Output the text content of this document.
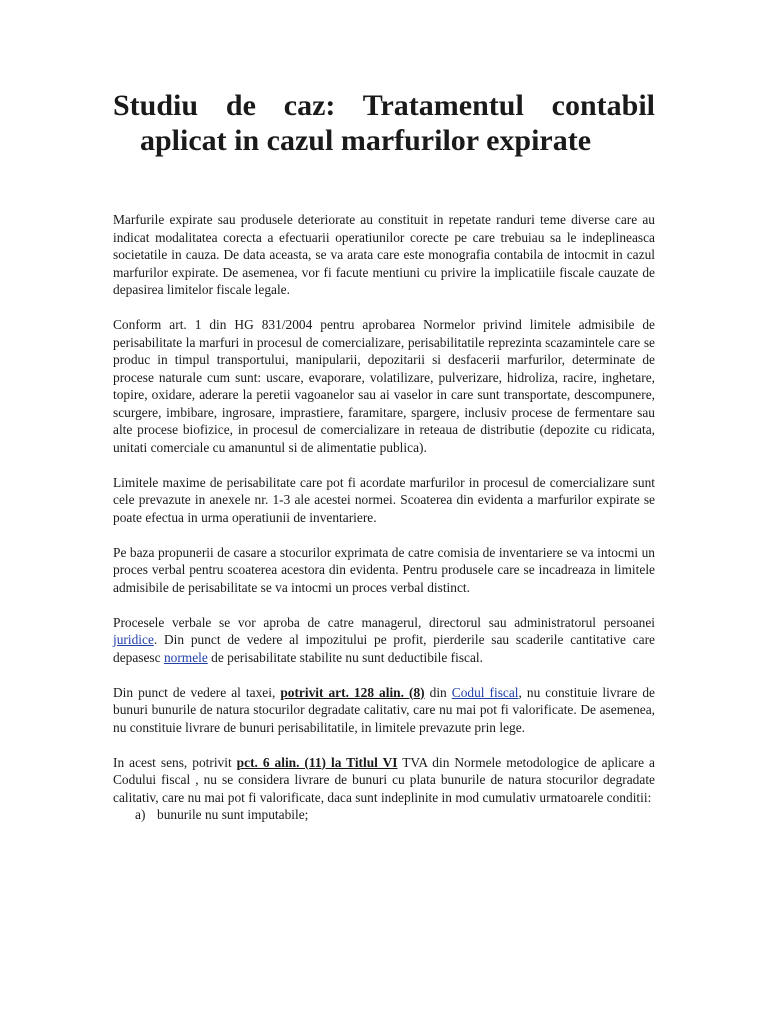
Studiu de caz: Tratamentul contabil
aplicat in cazul marfurilor expirate

Marfurile expirate sau produsele deteriorate au constituit in repetate randuri teme diverse care au indicat modalitatea corecta a efectuarii operatiunilor corecte pe care trebuiau sa le indeplineasca societatile in cauza. De data aceasta, se va arata care este monografia contabila de intocmit in cazul marfurilor expirate. De asemenea, vor fi facute mentiuni cu privire la implicatiile fiscale cauzate de depasirea limitelor fiscale legale.

Conform art. 1 din HG 831/2004 pentru aprobarea Normelor privind limitele admisibile de perisabilitate la marfuri in procesul de comercializare, perisabilitatile reprezinta scazamintele care se produc in timpul transportului, manipularii, depozitarii si desfacerii marfurilor, determinate de procese naturale cum sunt: uscare, evaporare, volatilizare, pulverizare, hidroliza, racire, inghetare, topire, oxidare, aderare la peretii vagoanelor sau ai vaselor in care sunt transportate, descompunere, scurgere, imbibare, ingrosare, imprastiere, faramitare, spargere, inclusiv procese de fermentare sau alte procese biofizice, in procesul de comercializare in reteaua de distributie (depozite cu ridicata, unitati comerciale cu amanuntul si de alimentatie publica).

Limitele maxime de perisabilitate care pot fi acordate marfurilor in procesul de comercializare sunt cele prevazute in anexele nr. 1-3 ale acestei normei. Scoaterea din evidenta a marfurilor expirate se poate efectua in urma operatiunii de inventariere.

Pe baza propunerii de casare a stocurilor exprimata de catre comisia de inventariere se va intocmi un proces verbal pentru scoaterea acestora din evidenta. Pentru produsele care se incadreaza in limitele admisibile de perisabilitate se va intocmi un proces verbal distinct.

Procesele verbale se vor aproba de catre managerul, directorul sau administratorul persoanei juridice. Din punct de vedere al impozitului pe profit, pierderile sau scaderile cantitative care depasesc normele de perisabilitate stabilite nu sunt deductibile fiscal.

Din punct de vedere al taxei, potrivit art. 128 alin. (8) din Codul fiscal, nu constituie livrare de bunuri bunurile de natura stocurilor degradate calitativ, care nu mai pot fi valorificate. De asemenea, nu constituie livrare de bunuri perisabilitatile, in limitele prevazute prin lege.

In acest sens, potrivit pct. 6 alin. (11) la Titlul VI TVA din Normele metodologice de aplicare a Codului fiscal , nu se considera livrare de bunuri cu plata bunurile de natura stocurilor degradate calitativ, care nu mai pot fi valorificate, daca sunt indeplinite in mod cumulativ urmatoarele conditii:

a) bunurile nu sunt imputabile;
